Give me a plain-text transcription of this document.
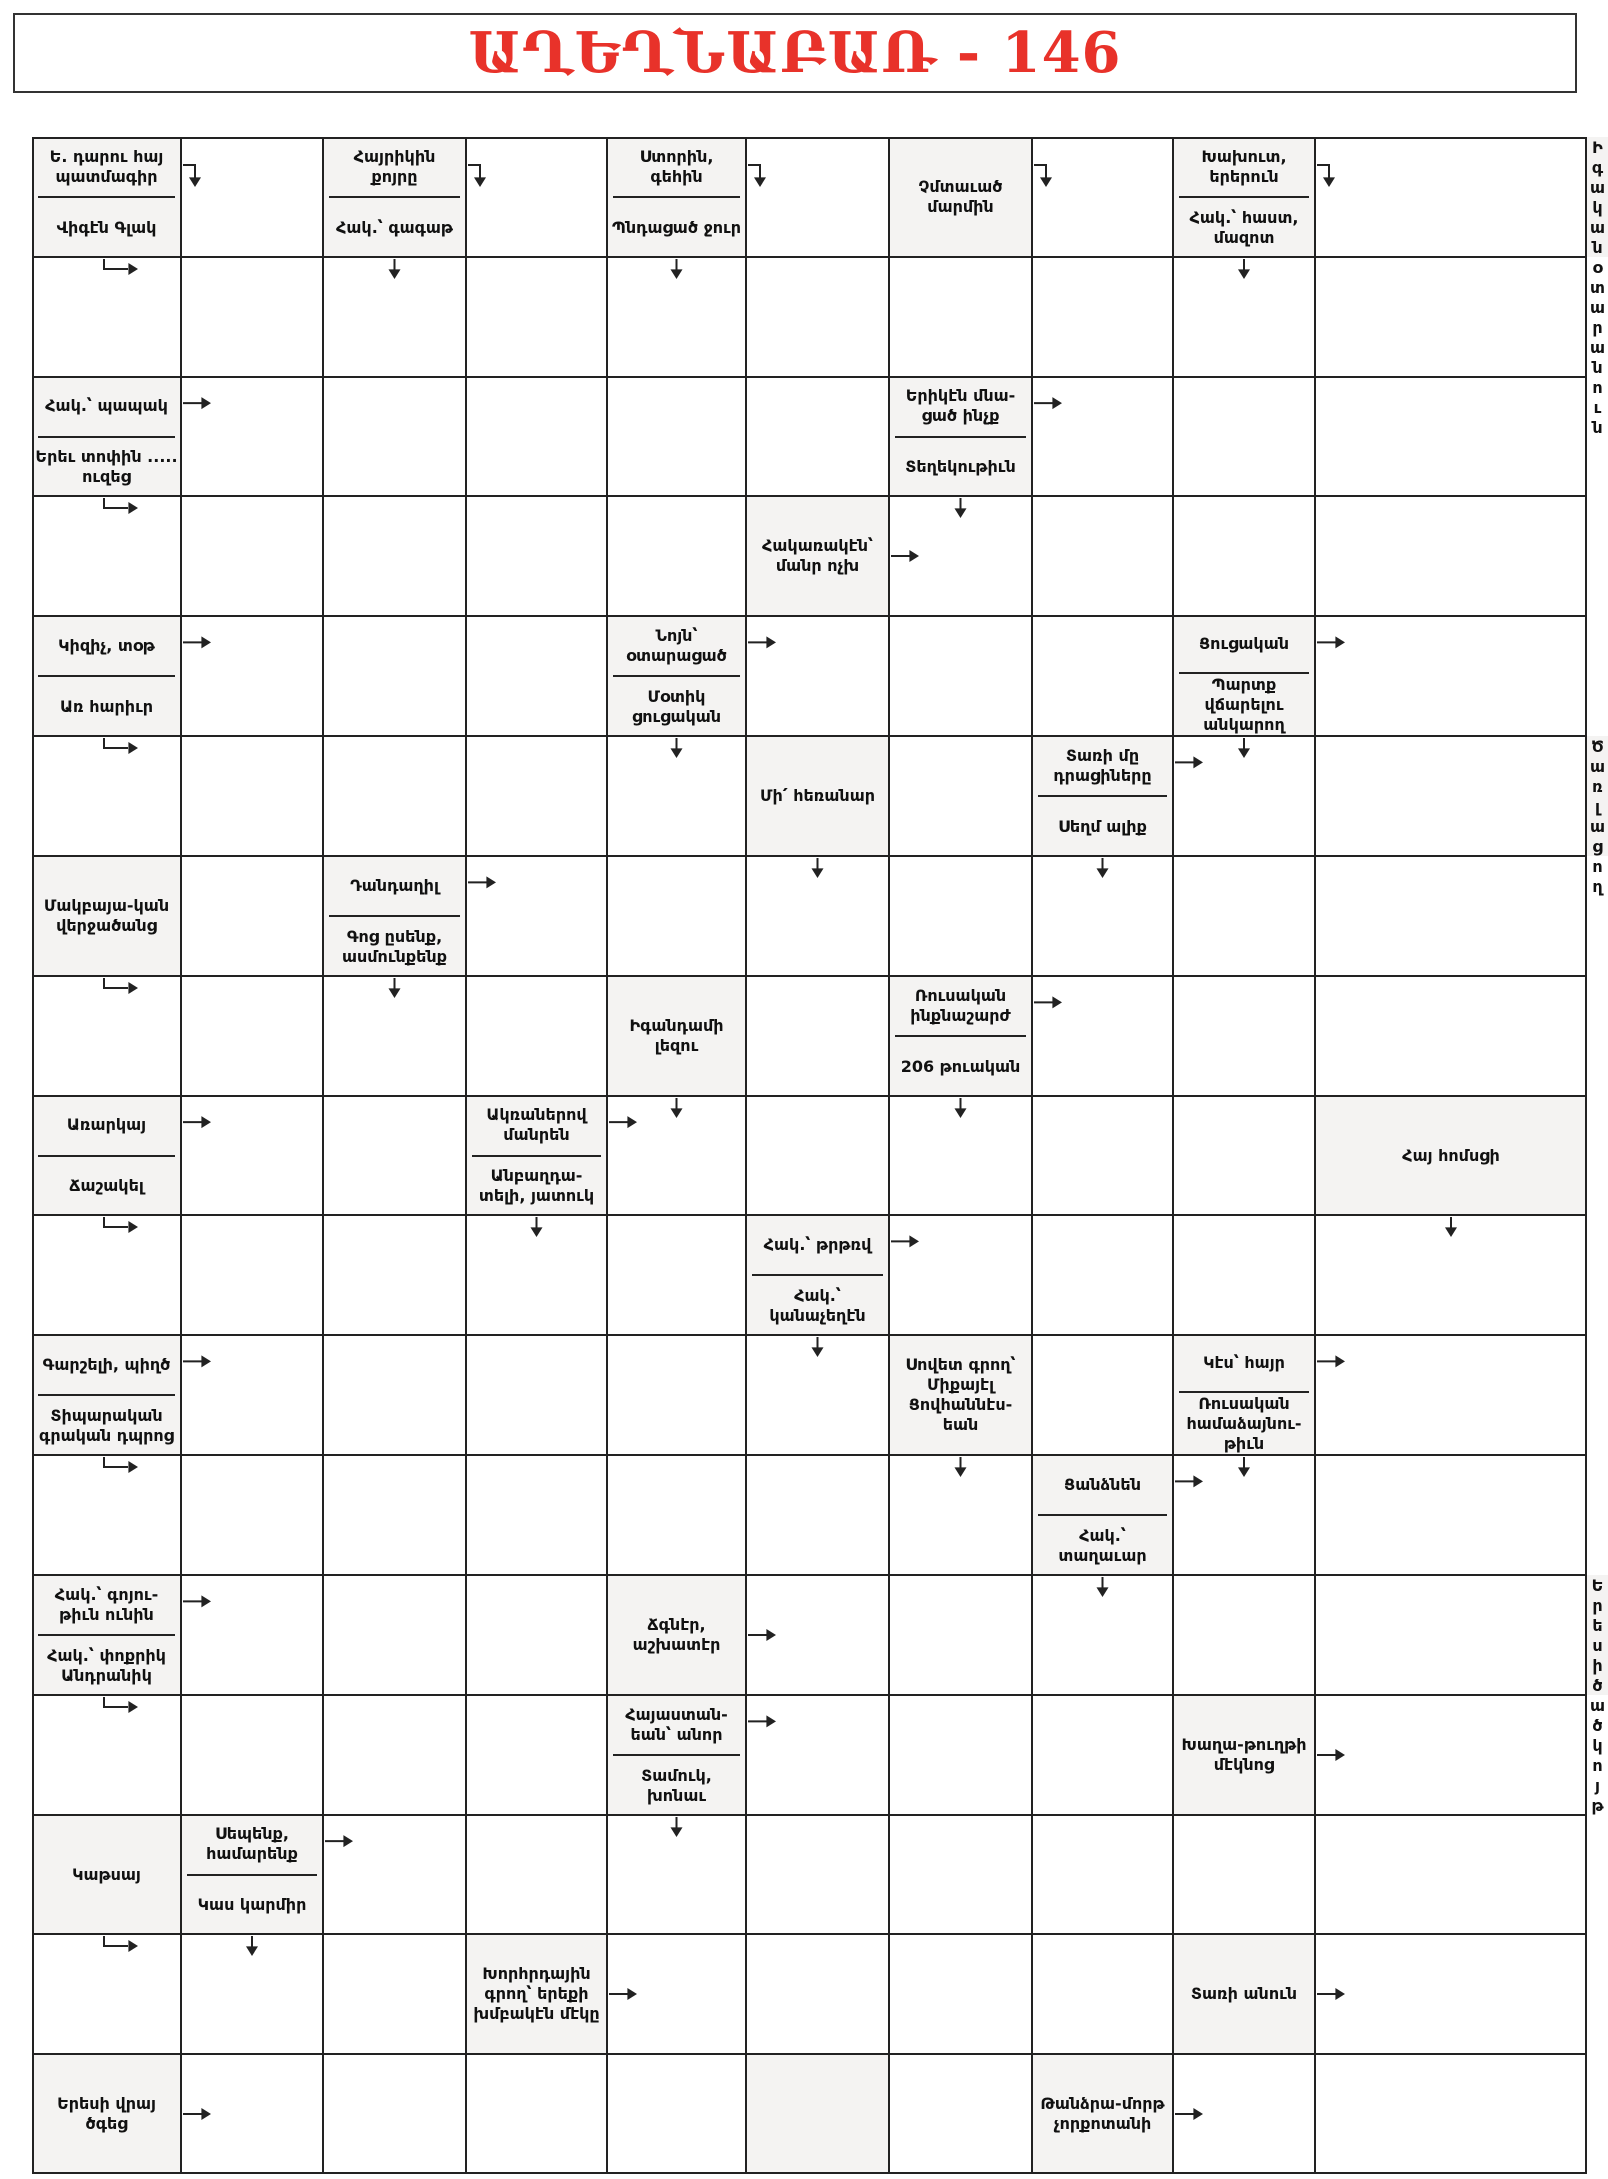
ԱՂԵՂՆԱԲԱՌ - 146
Ե. դարու հայ պատմագիր
Վիգէն Գլակ
Հայրիկին քոյրը
Հակ.՝ գագաթ
Ստորին, գեհին
Պնդացած ջուր
Չմտաւած մարմին
Խախուտ, երերուն
Հակ.՝ հաստ, մազոտ
Իգական օտար անուն
Հակ.՝ պապակ
Երեւ տոփին ..... ուզեց
Երիկէն մնա-ցած ինչք
Տեղեկութիւն
Հակառակէն՝ մանր ոչխ
Կիզիչ, տօթ
Առ հարիւր
Նոյն՝ օտարացած
Մօտիկ ցուցական
Ցուցական
Պարտք վճարելու անկարող
Մի՛ հեռանար
Տառի մը դրացիները
Սեղմ ալիք
Ծառ լացող
Մակբայա-կան վերջածանց
Դանդաղիլ
Գոց ըսենք, ասմունքենք
Իգանդամի լեզու
Ռուսական ինքնաշարժ
206 թուական
Առարկայ
Ճաշակել
Ակռաներով մանրեն
Անբաղդա-տելի, յատուկ
Հայ հոմսցի
Հակ.՝ թրթռվ
Հակ.՝ կանաչեղէն
Գարշելի, պիղծ
Տիպարական գրական դպրոց
Սովետ գրող՝ Միքայէլ Ցովհաննէս-եան
Կէս՝ հայր
Ռուսական համաձայնու-թիւն
Ցանձնեն
Հակ.՝ տաղաւար
Հակ.՝ գոյու-թիւն ունին
Հակ.՝ փոքրիկ Անդրանիկ
Ճգնէր, աշխատէր
Երեսի ծածկոյթ
Հայաստան-եան՝ անոր
Տամուկ, խոնաւ
Խաղա-թուղթի մէկնոց
Կաթսայ
Սեպենք, համարենք
Կաս կարմիր
Խորհրդային գրող՝ երեքի խմբակէն մէկը
Տառի անուն
Երեսի վրայ ծգեց
Թանձրա-մորթ չորքոտանի
